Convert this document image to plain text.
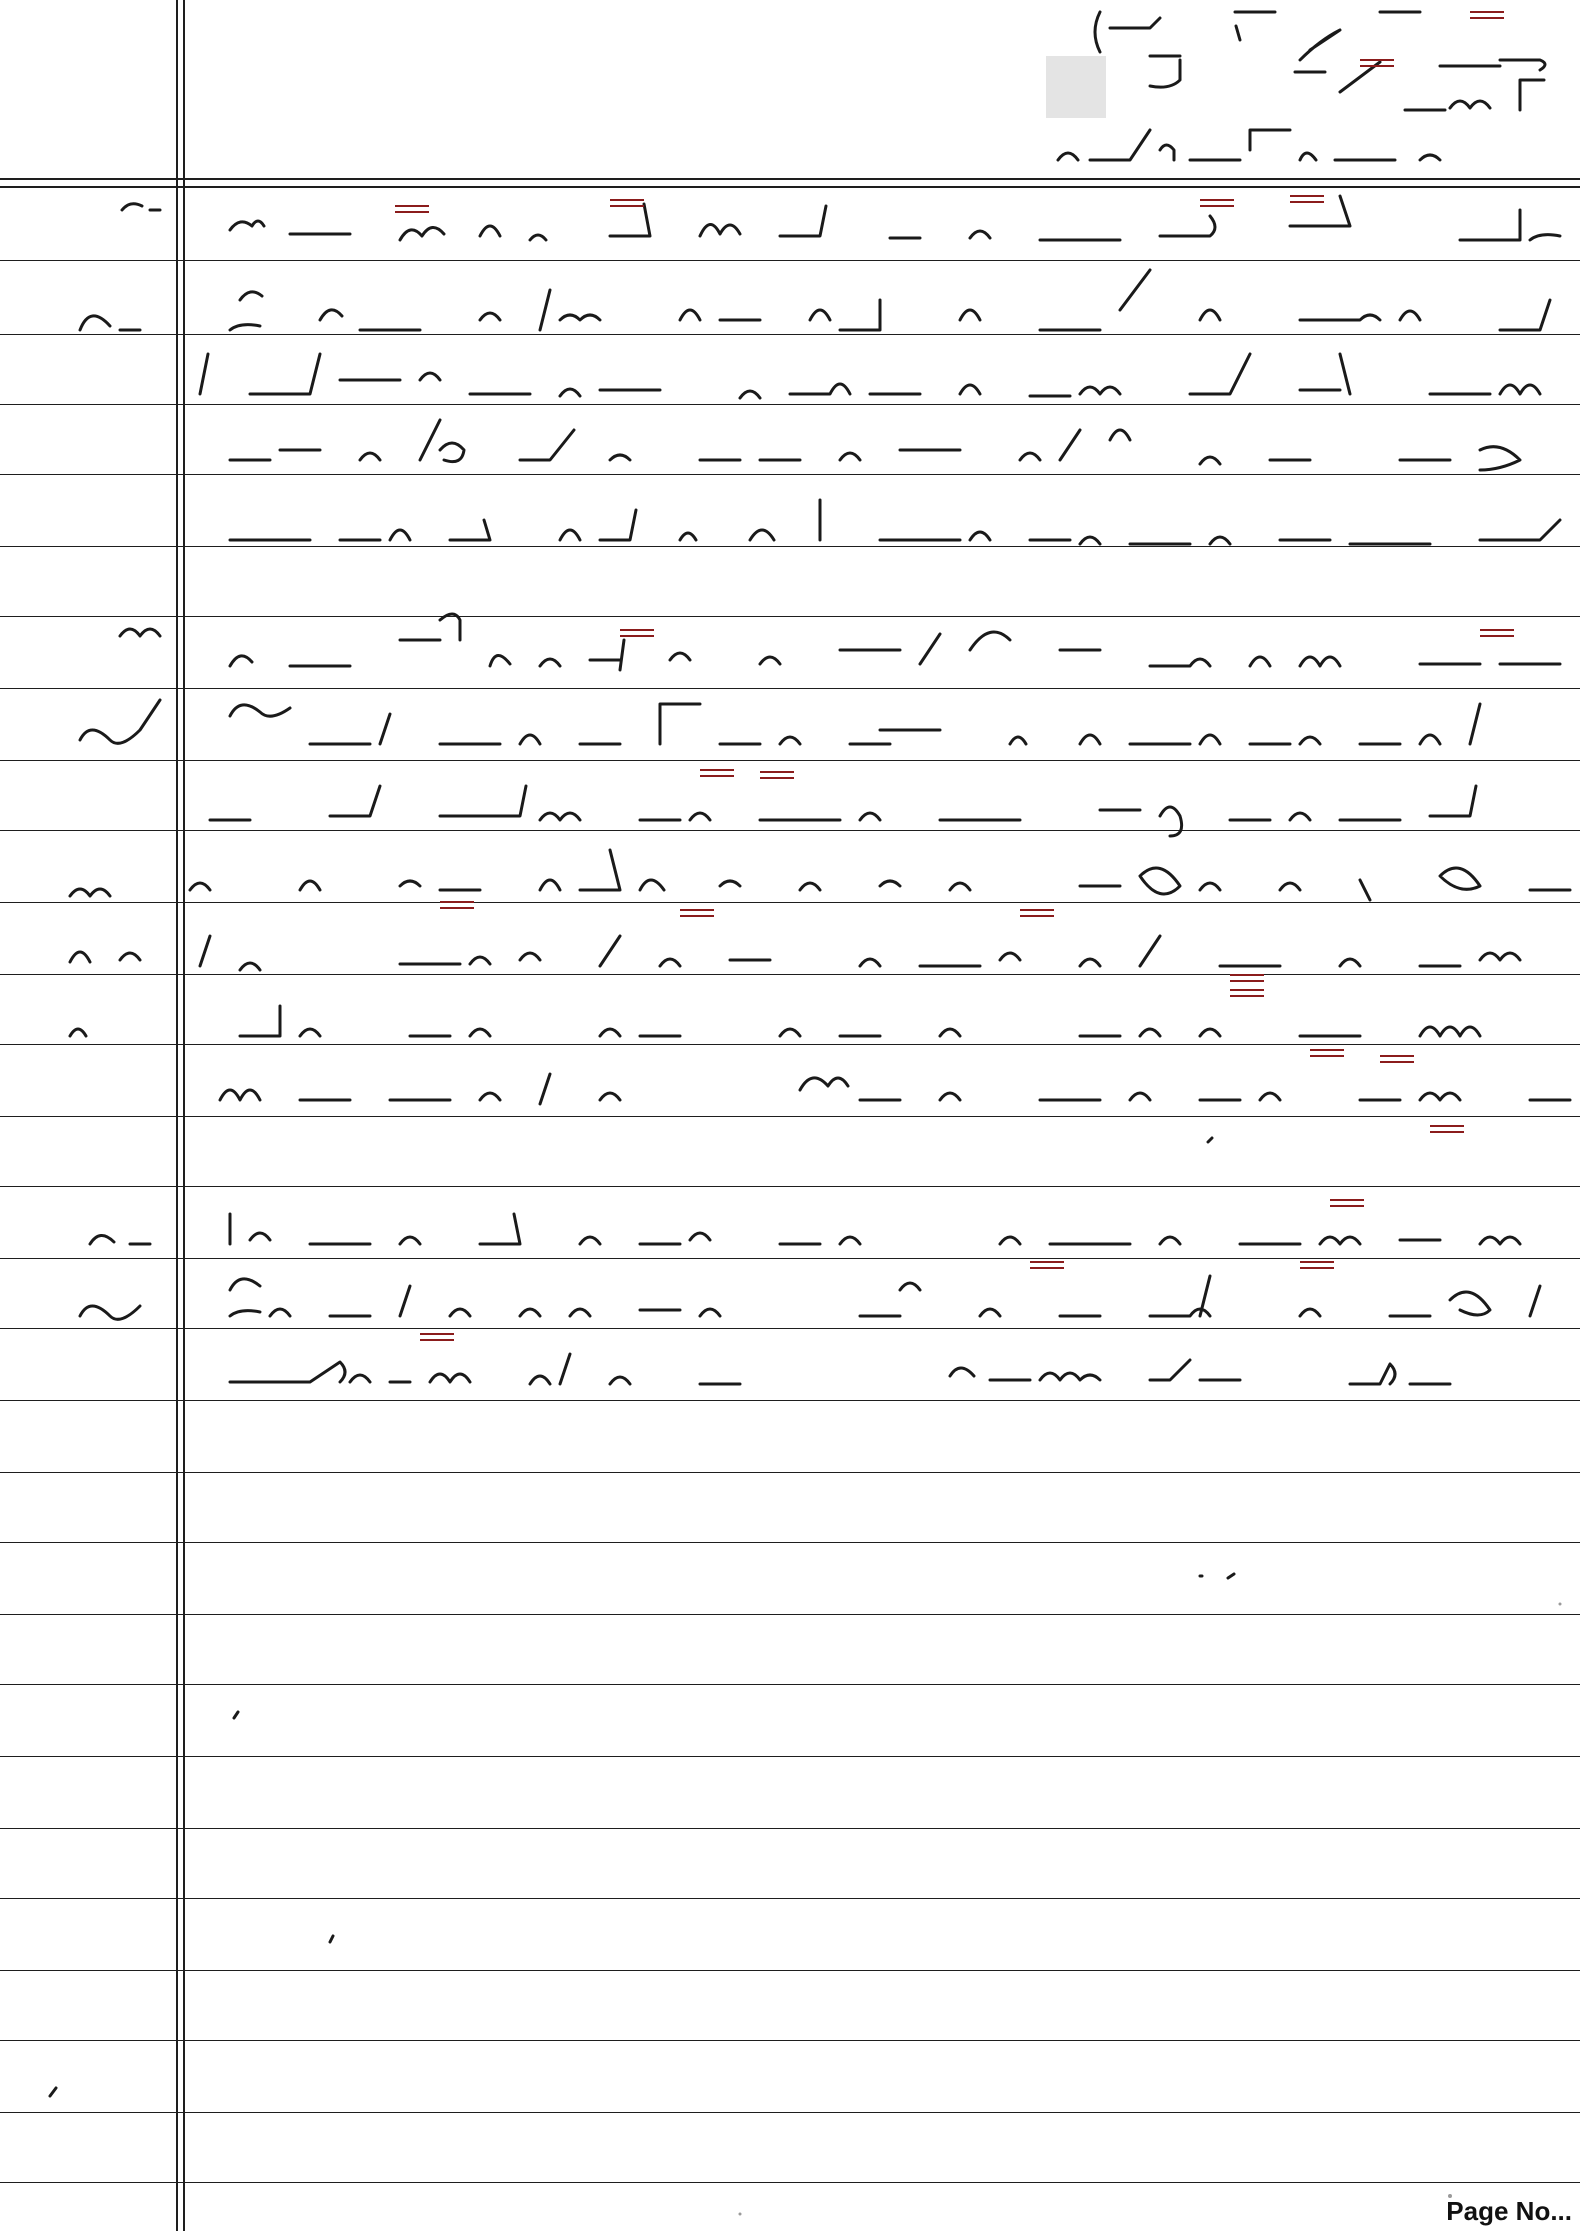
Page No...
